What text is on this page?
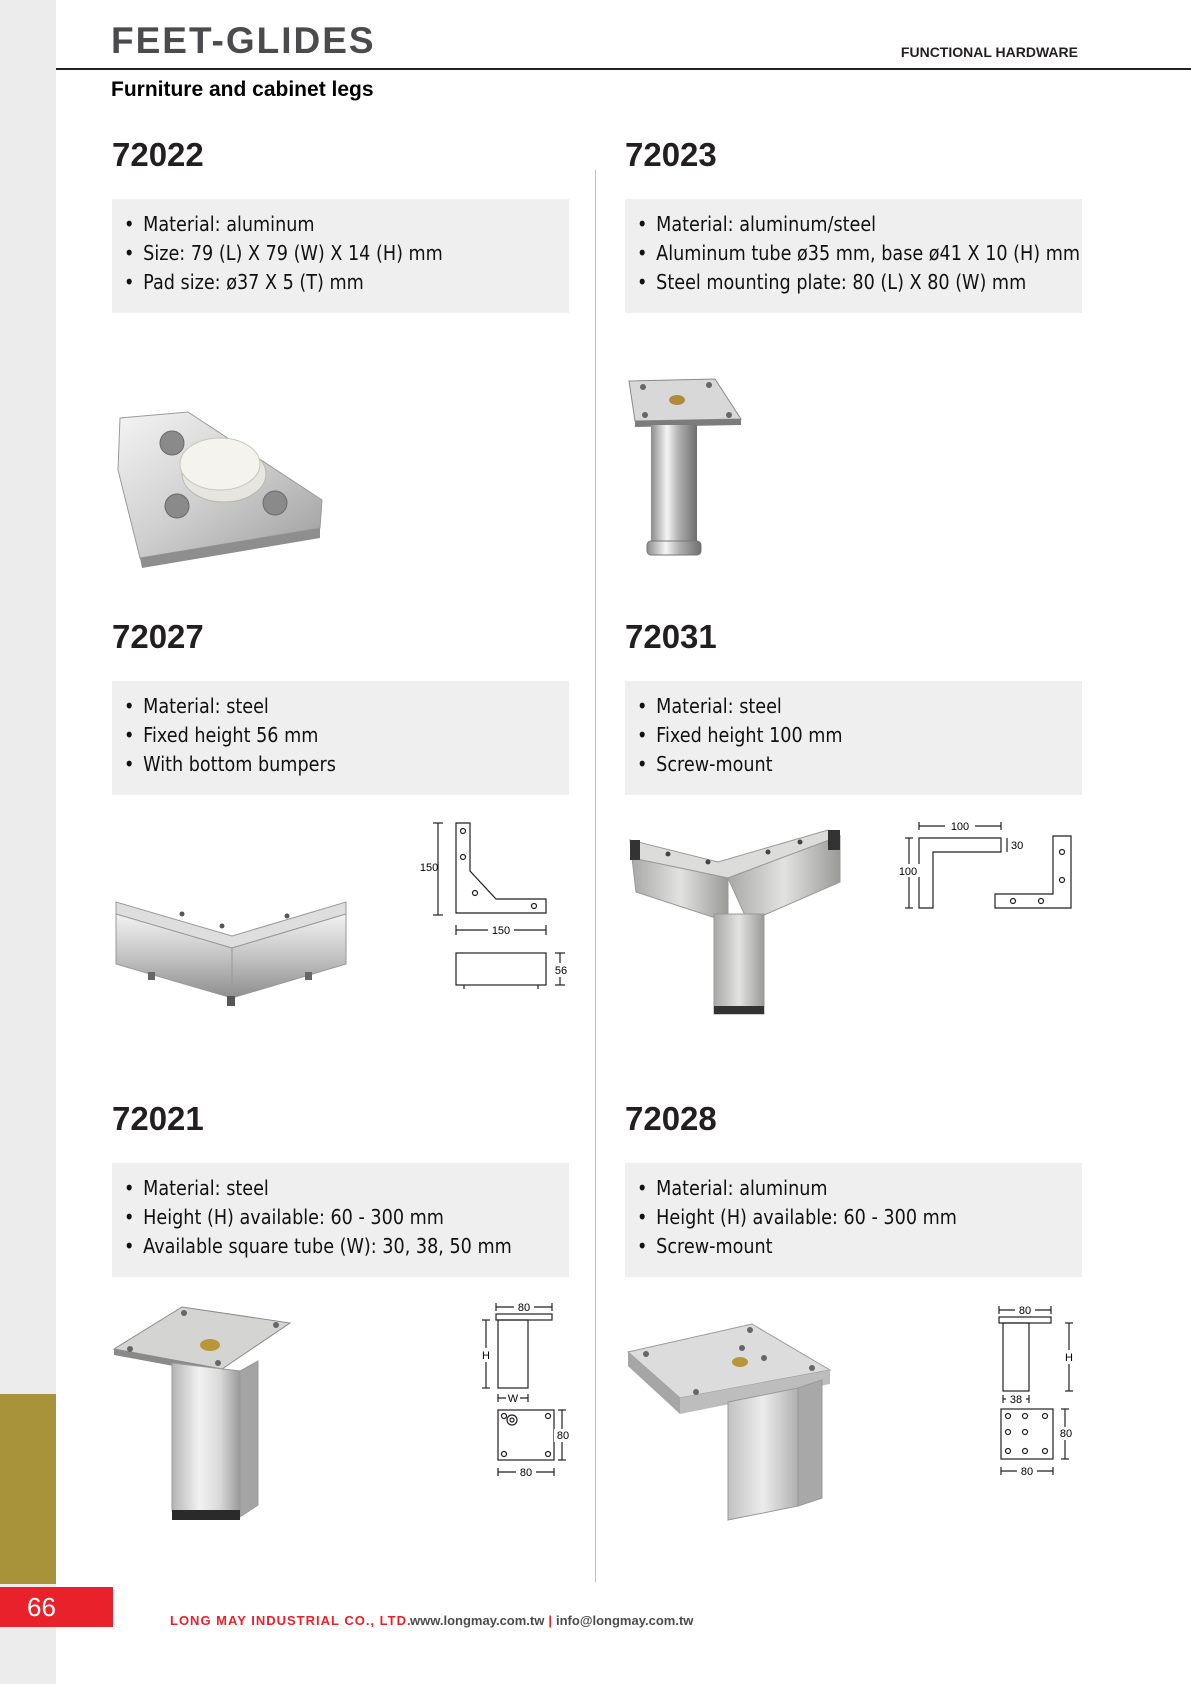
66
FEET-GLIDES	FUNCTIONAL HARDWARE
Furniture and cabinet legs
72022
• Material: aluminum
• Size: 79 (L) X 79 (W) X 14 (H) mm
• Pad size: ø37 X 5 (T) mm
72023
• Material: aluminum/steel
• Aluminum tube ø35 mm, base ø41 X 10 (H) mm
• Steel mounting plate: 80 (L) X 80 (W) mm
72027
• Material: steel
• Fixed height 56 mm
• With bottom bumpers
150
150
56
72031
• Material: steel
• Fixed height 100 mm
• Screw-mount
100
100
30
72021
• Material: steel
• Height (H) available: 60 - 300 mm
• Available square tube (W): 30, 38, 50 mm
80
H
W
80
80
72028
• Material: aluminum
• Height (H) available: 60 - 300 mm
• Screw-mount
80
H
38
80
80
LONG MAY INDUSTRIAL CO., LTD.
www.longmay.com.tw | info@longmay.com.tw
